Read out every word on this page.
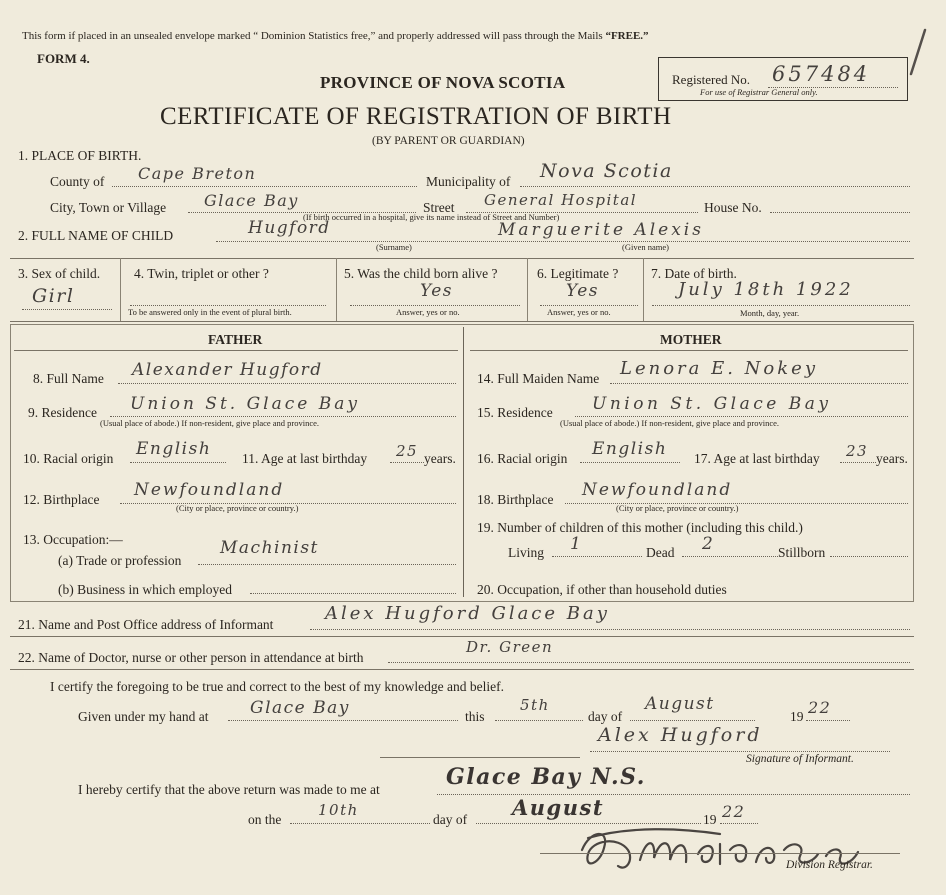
This form if placed in an unsealed envelope marked “ Dominion Statistics free,” and properly addressed will pass through the Mails “FREE.”
FORM 4.
PROVINCE OF NOVA SCOTIA
CERTIFICATE OF REGISTRATION OF BIRTH
(BY PARENT OR GUARDIAN)
Registered No. 657484
For use of Registrar General only.
1. PLACE OF BIRTH.
County of Cape Breton	Municipality of Nova Scotia
City, Town or Village Glace Bay	Street General Hospital	House No.
(If birth occurred in a hospital, give its name instead of Street and Number)
2. FULL NAME OF CHILD	Hugford	Marguerite Alexis
(Surname)	(Given name)
3. Sex of child.
Girl
4. Twin, triplet or other ?
To be answered only in the event of plural birth.
5. Was the child born alive ?
Yes
Answer, yes or no.
6. Legitimate ?
Yes
Answer, yes or no.
7. Date of birth.
July 18th 1922
Month, day, year.
FATHER	MOTHER
8. Full Name Alexander Hugford
9. Residence Union St. Glace Bay
(Usual place of abode.) If non-resident, give place and province.
10. Racial origin English 11. Age at last birthday 25 years.
12. Birthplace Newfoundland
(City or place, province or country.)
13. Occupation:—
(a) Trade or profession
Machinist
(b) Business in which employed
14. Full Maiden Name Lenora E. Nokey
15. Residence Union St. Glace Bay
(Usual place of abode.) If non-resident, give place and province.
16. Racial origin English 17. Age at last birthday 23 years.
18. Birthplace Newfoundland
(City or place, province or country.)
19. Number of children of this mother (including this child.)
Living 1	Dead 2	Stillborn
20. Occupation, if other than household duties
21. Name and Post Office address of Informant
Alex Hugford Glace Bay
22. Name of Doctor, nurse or other person in attendance at birth
Dr. Green
I certify the foregoing to be true and correct to the best of my knowledge and belief.
Given under my hand at Glace Bay	this
5th
day of
August
19 22
Alex Hugford
Signature of Informant.
I hereby certify that the above return was made to me at	Glace Bay N.S.
on the
10th
day of August	19 22
Division Registrar.
